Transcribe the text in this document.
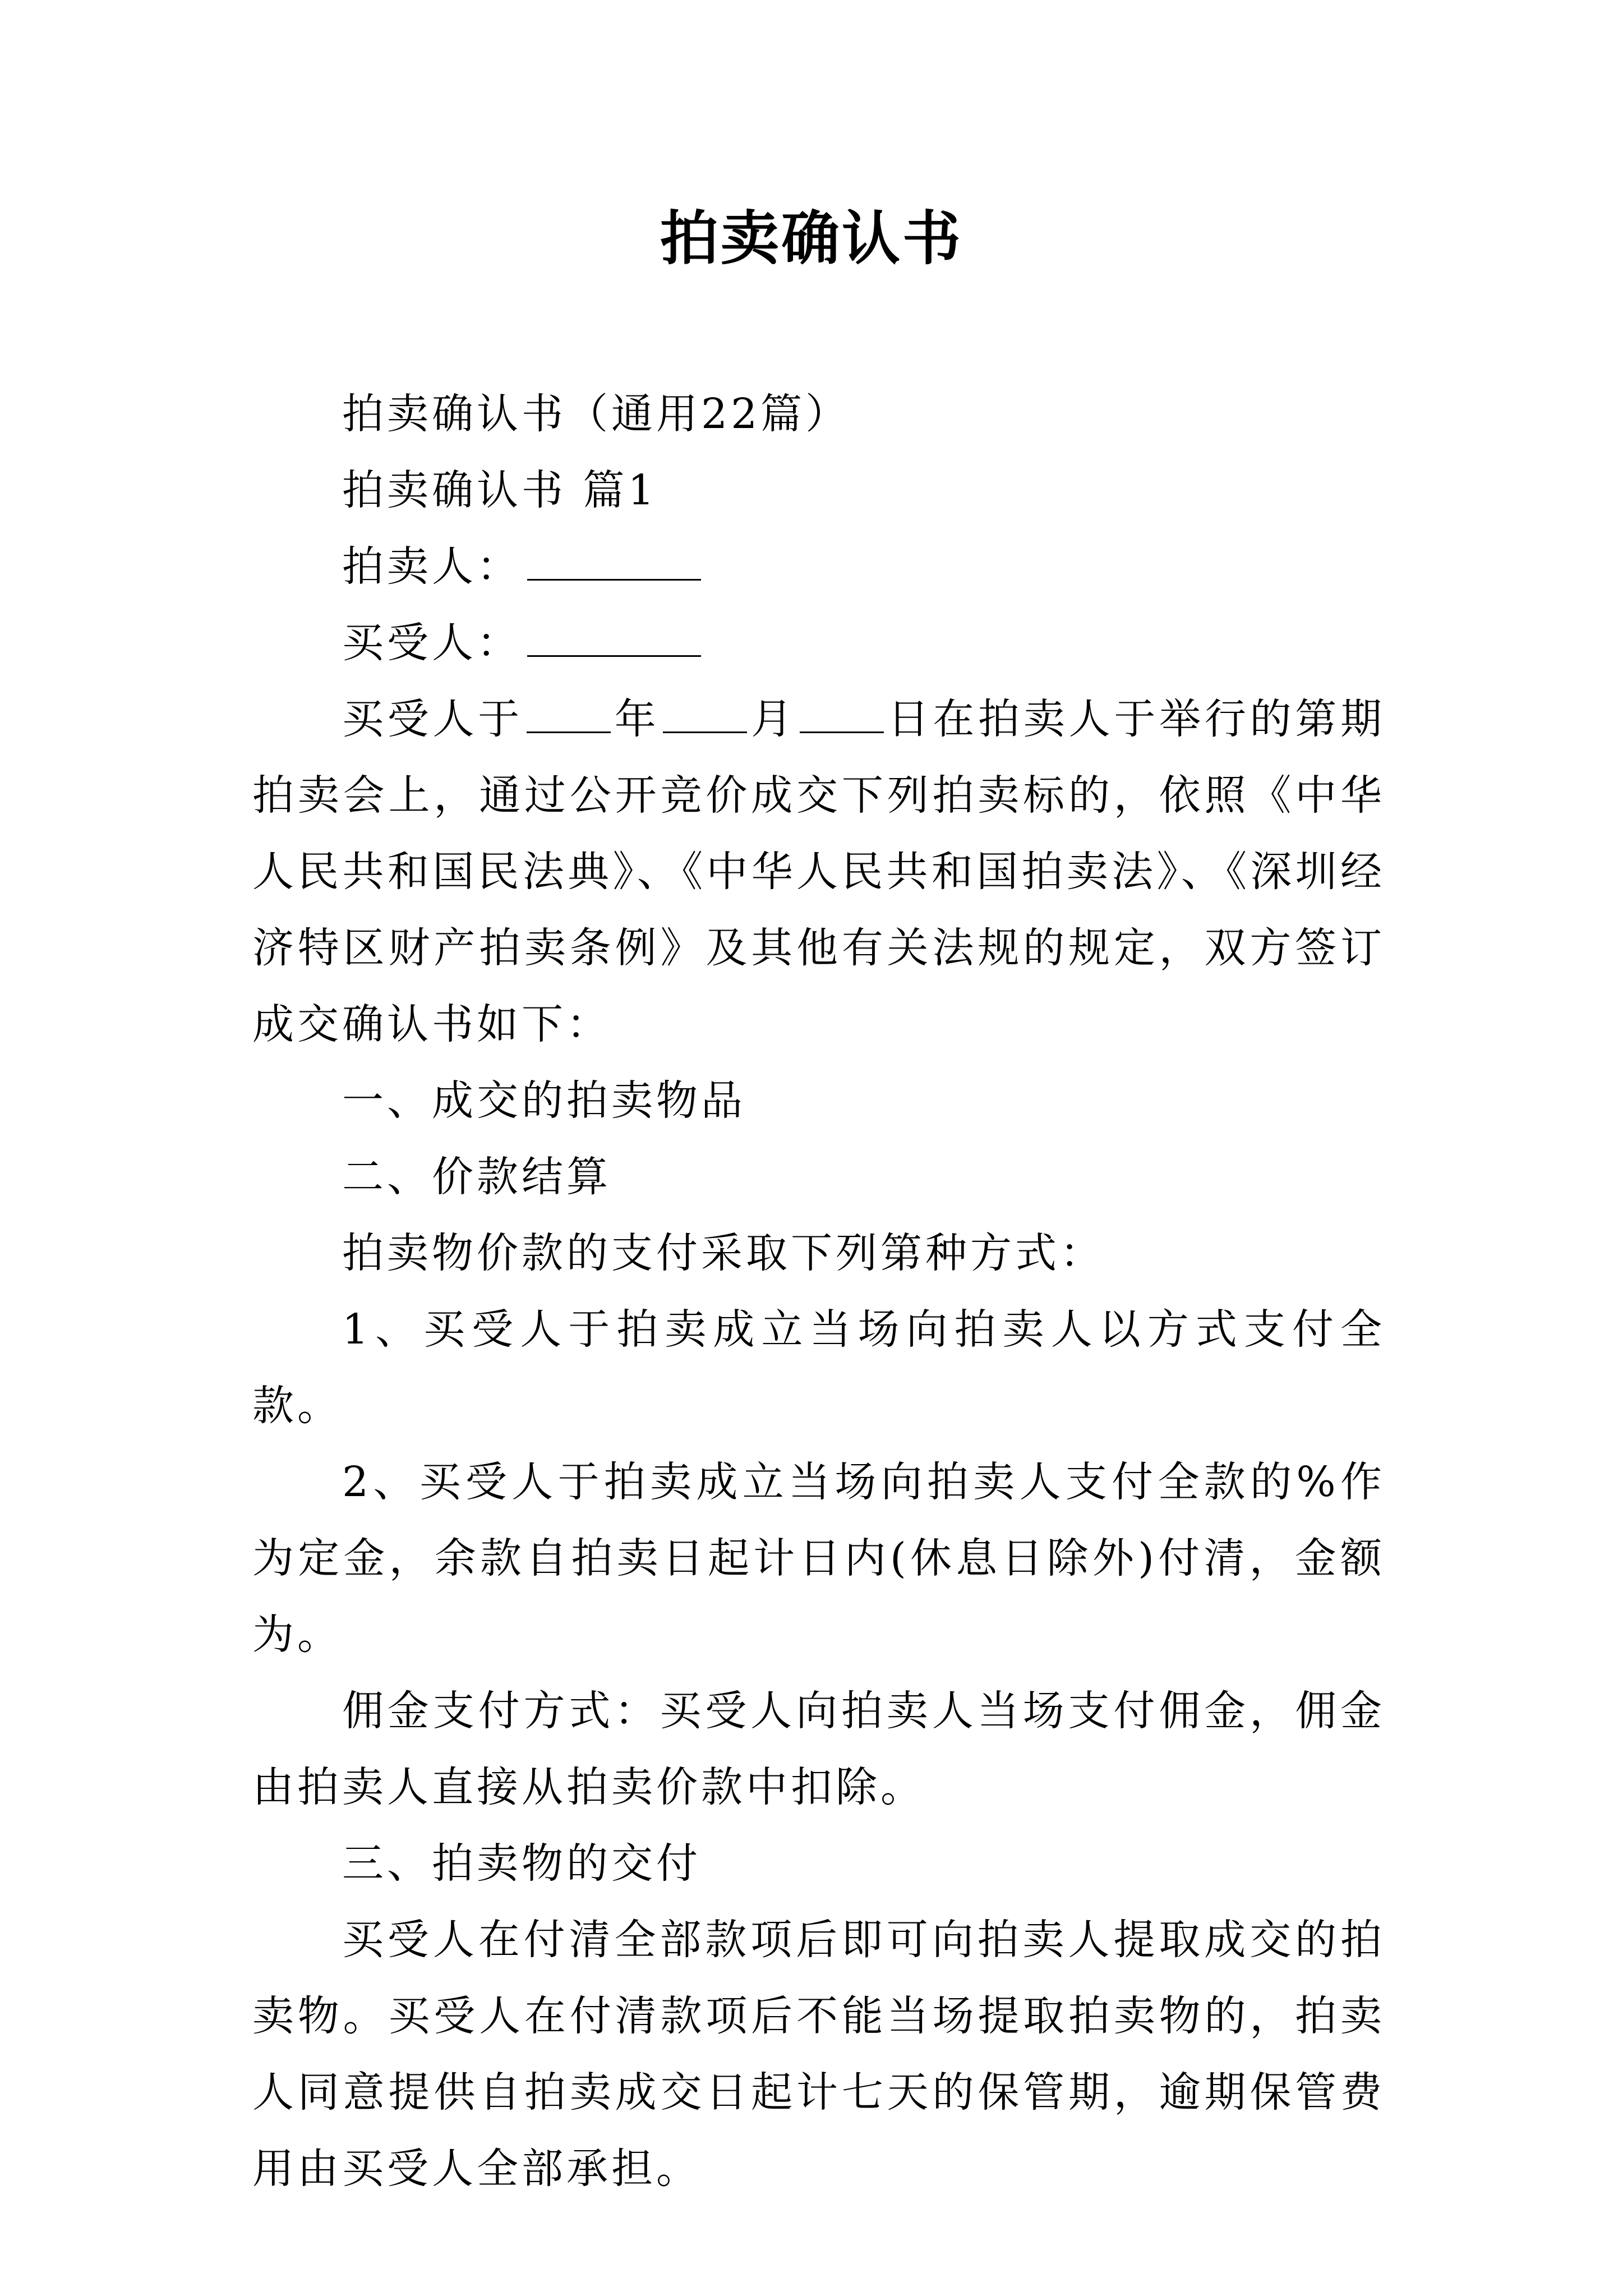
拍卖确认书

拍卖确认书（通用22篇）

拍卖确认书 篇1

拍卖人：

买受人：

买受人于 年 月 日在拍卖人于举行的第期拍卖会上，通过公开竞价成交下列拍卖标的，依照《中华人民共和国民法典》、《中华人民共和国拍卖法》、《深圳经济特区财产拍卖条例》及其他有关法规的规定，双方签订成交确认书如下：

一、成交的拍卖物品

二、价款结算

拍卖物价款的支付采取下列第种方式：

1、买受人于拍卖成立当场向拍卖人以方式支付全款。

2、买受人于拍卖成立当场向拍卖人支付全款的%作为定金，余款自拍卖日起计日内(休息日除外)付清，金额为。

佣金支付方式：买受人向拍卖人当场支付佣金，佣金由拍卖人直接从拍卖价款中扣除。

三、拍卖物的交付

买受人在付清全部款项后即可向拍卖人提取成交的拍卖物。买受人在付清款项后不能当场提取拍卖物的，拍卖人同意提供自拍卖成交日起计七天的保管期，逾期保管费用由买受人全部承担。
